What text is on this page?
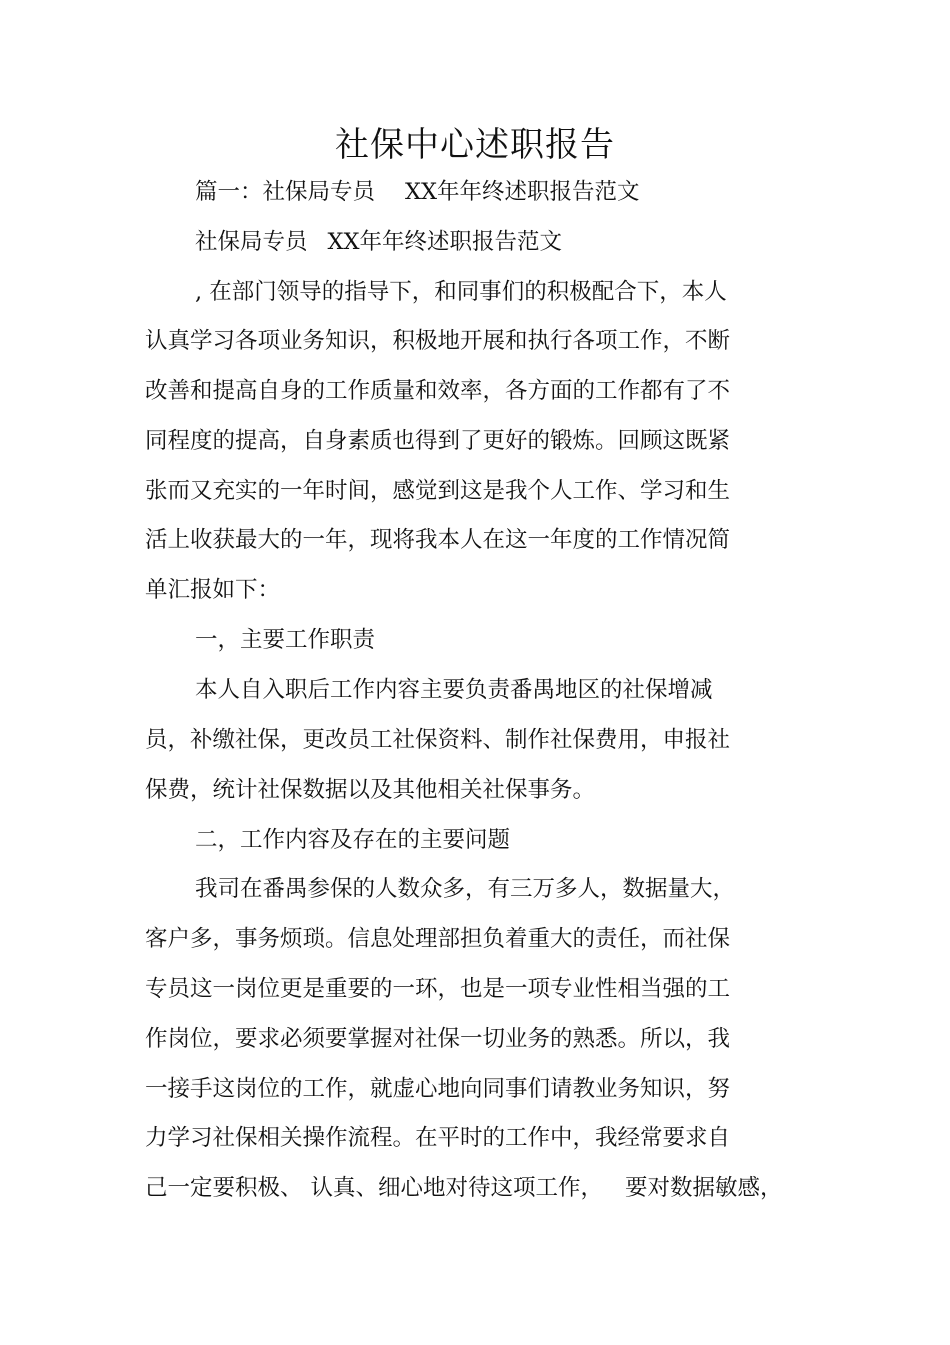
社保中心述职报告
篇一：社保局专员 XX年年终述职报告范文
社保局专员 XX年年终述职报告范文
, 在部门领导的指导下，和同事们的积极配合下，本人
认真学习各项业务知识，积极地开展和执行各项工作，不断
改善和提高自身的工作质量和效率，各方面的工作都有了不
同程度的提高，自身素质也得到了更好的锻炼。回顾这既紧
张而又充实的一年时间，感觉到这是我个人工作、学习和生
活上收获最大的一年，现将我本人在这一年度的工作情况简
单汇报如下：
一，主要工作职责
本人自入职后工作内容主要负责番禺地区的社保增减
员，补缴社保，更改员工社保资料、制作社保费用，申报社
保费，统计社保数据以及其他相关社保事务。
二，工作内容及存在的主要问题
我司在番禺参保的人数众多，有三万多人，数据量大，
客户多，事务烦琐。信息处理部担负着重大的责任，而社保
专员这一岗位更是重要的一环，也是一项专业性相当强的工
作岗位，要求必须要掌握对社保一切业务的熟悉。所以，我
一接手这岗位的工作，就虚心地向同事们请教业务知识，努
力学习社保相关操作流程。在平时的工作中，我经常要求自
己一定要积极、 认真、细心地对待这项工作， 要对数据敏感，
